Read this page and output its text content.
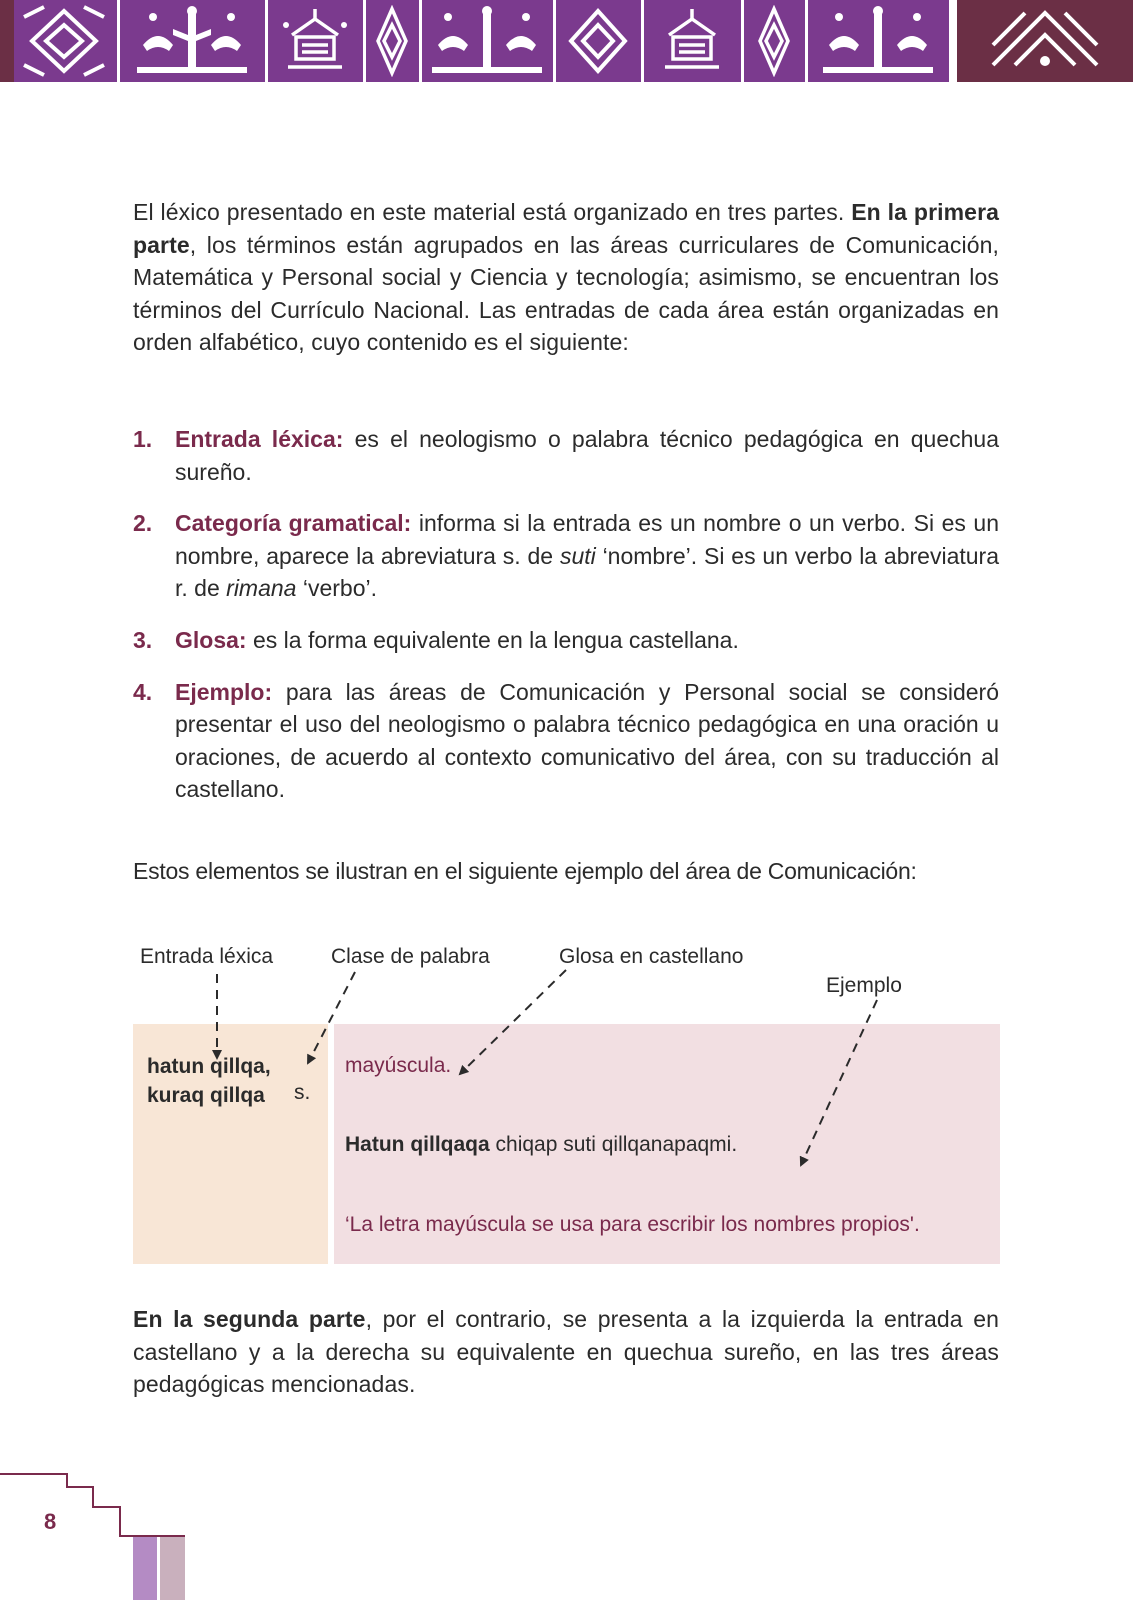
El léxico presentado en este material está organizado en tres partes. En la primera parte, los términos están agrupados en las áreas curriculares de Comunicación, Matemática y Personal social y Ciencia y tecnología; asimismo, se encuentran los términos del Currículo Nacional. Las entradas de cada área están organizadas en orden alfabético, cuyo contenido es el siguiente:

1. Entrada léxica: es el neologismo o palabra técnico pedagógica en quechua sureño.
2. Categoría gramatical: informa si la entrada es un nombre o un verbo. Si es un nombre, aparece la abreviatura s. de suti ‘nombre’. Si es un verbo la abreviatura r. de rimana ‘verbo’.
3. Glosa: es la forma equivalente en la lengua castellana.
4. Ejemplo: para las áreas de Comunicación y Personal social se consideró presentar el uso del neologismo o palabra técnico pedagógica en una oración u oraciones, de acuerdo al contexto comunicativo del área, con su traducción al castellano.
Estos elementos se ilustran en el siguiente ejemplo del área de Comunicación:
Entrada léxica	Clase de palabra	Glosa en castellano
Ejemplo
hatun qillqa,
kuraq qillqa s.
mayúscula.
Hatun qillqaqa chiqap suti qillqanapaqmi.
‘La letra mayúscula se usa para escribir los nombres propios'.

En la segunda parte, por el contrario, se presenta a la izquierda la entrada en castellano y a la derecha su equivalente en quechua sureño, en las tres áreas pedagógicas mencionadas.

8
